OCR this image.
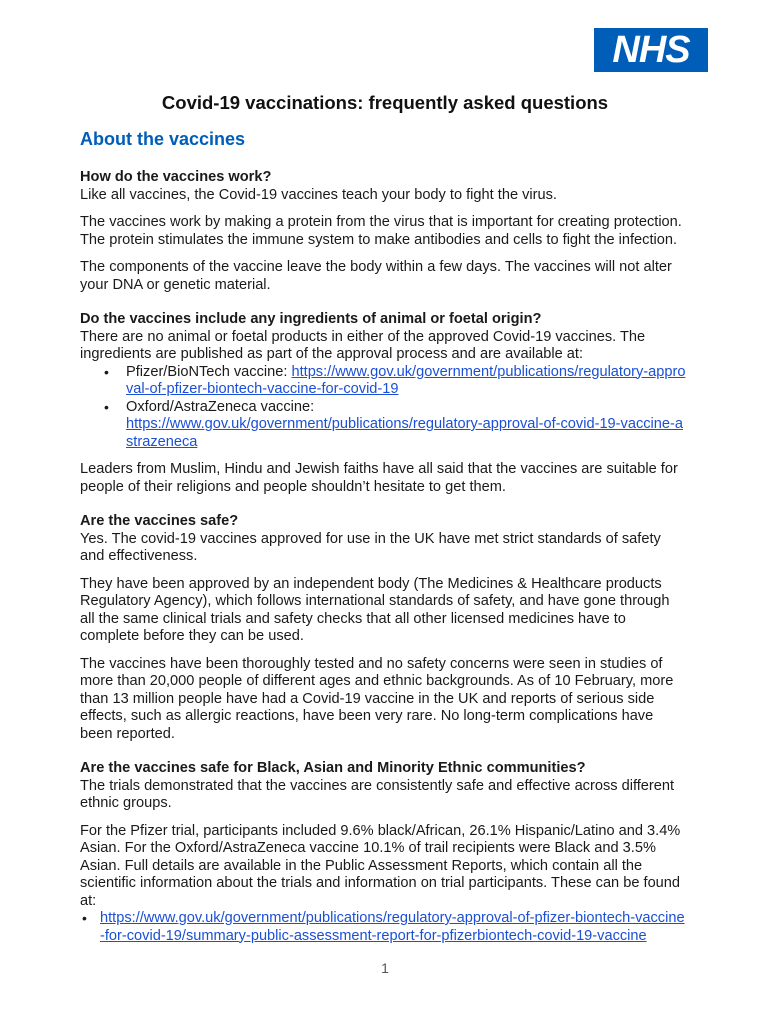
NHS
Covid-19 vaccinations: frequently asked questions
About the vaccines
How do the vaccines work?

Like all vaccines, the Covid-19 vaccines teach your body to fight the virus.

The vaccines work by making a protein from the virus that is important for creating protection. The protein stimulates the immune system to make antibodies and cells to fight the infection.

The components of the vaccine leave the body within a few days. The vaccines will not alter your DNA or genetic material.

Do the vaccines include any ingredients of animal or foetal origin?

There are no animal or foetal products in either of the approved Covid-19 vaccines. The ingredients are published as part of the approval process and are available at:

• Pfizer/BioNTech vaccine: https://www.gov.uk/government/publications/regulatory-approval-of-pfizer-biontech-vaccine-for-covid-19
• Oxford/AstraZeneca vaccine:
https://www.gov.uk/government/publications/regulatory-approval-of-covid-19-vaccine-astrazeneca

Leaders from Muslim, Hindu and Jewish faiths have all said that the vaccines are suitable for people of their religions and people shouldn’t hesitate to get them.

Are the vaccines safe?

Yes. The covid-19 vaccines approved for use in the UK have met strict standards of safety and effectiveness.

They have been approved by an independent body (The Medicines & Healthcare products Regulatory Agency), which follows international standards of safety, and have gone through all the same clinical trials and safety checks that all other licensed medicines have to complete before they can be used.

The vaccines have been thoroughly tested and no safety concerns were seen in studies of more than 20,000 people of different ages and ethnic backgrounds. As of 10 February, more than 13 million people have had a Covid-19 vaccine in the UK and reports of serious side effects, such as allergic reactions, have been very rare. No long-term complications have been reported.

Are the vaccines safe for Black, Asian and Minority Ethnic communities?

The trials demonstrated that the vaccines are consistently safe and effective across different ethnic groups.

For the Pfizer trial, participants included 9.6% black/African, 26.1% Hispanic/Latino and 3.4% Asian. For the Oxford/AstraZeneca vaccine 10.1% of trail recipients were Black and 3.5% Asian. Full details are available in the Public Assessment Reports, which contain all the scientific information about the trials and information on trial participants. These can be found at:

• https://www.gov.uk/government/publications/regulatory-approval-of-pfizer-biontech-vaccine-for-covid-19/summary-public-assessment-report-for-pfizerbiontech-covid-19-vaccine
1
